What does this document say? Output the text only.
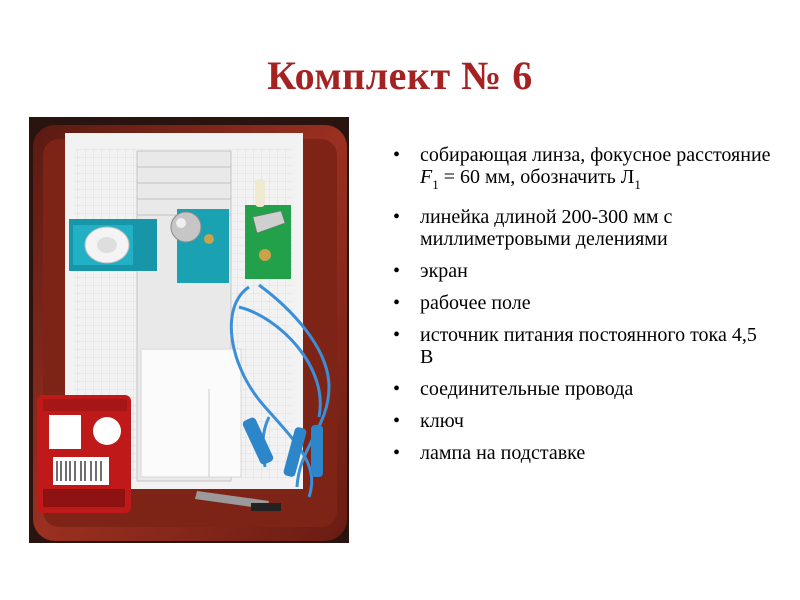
Комплект № 6
• собирающая линза, фокусное расстояние $F_1 = 60$ мм, обозначить $Л_1$
• линейка длиной 200-300 мм с миллиметровыми делениями
• экран
• рабочее поле
• источник питания постоянного тока 4,5 В
• соединительные провода
• ключ
• лампа на подставке
